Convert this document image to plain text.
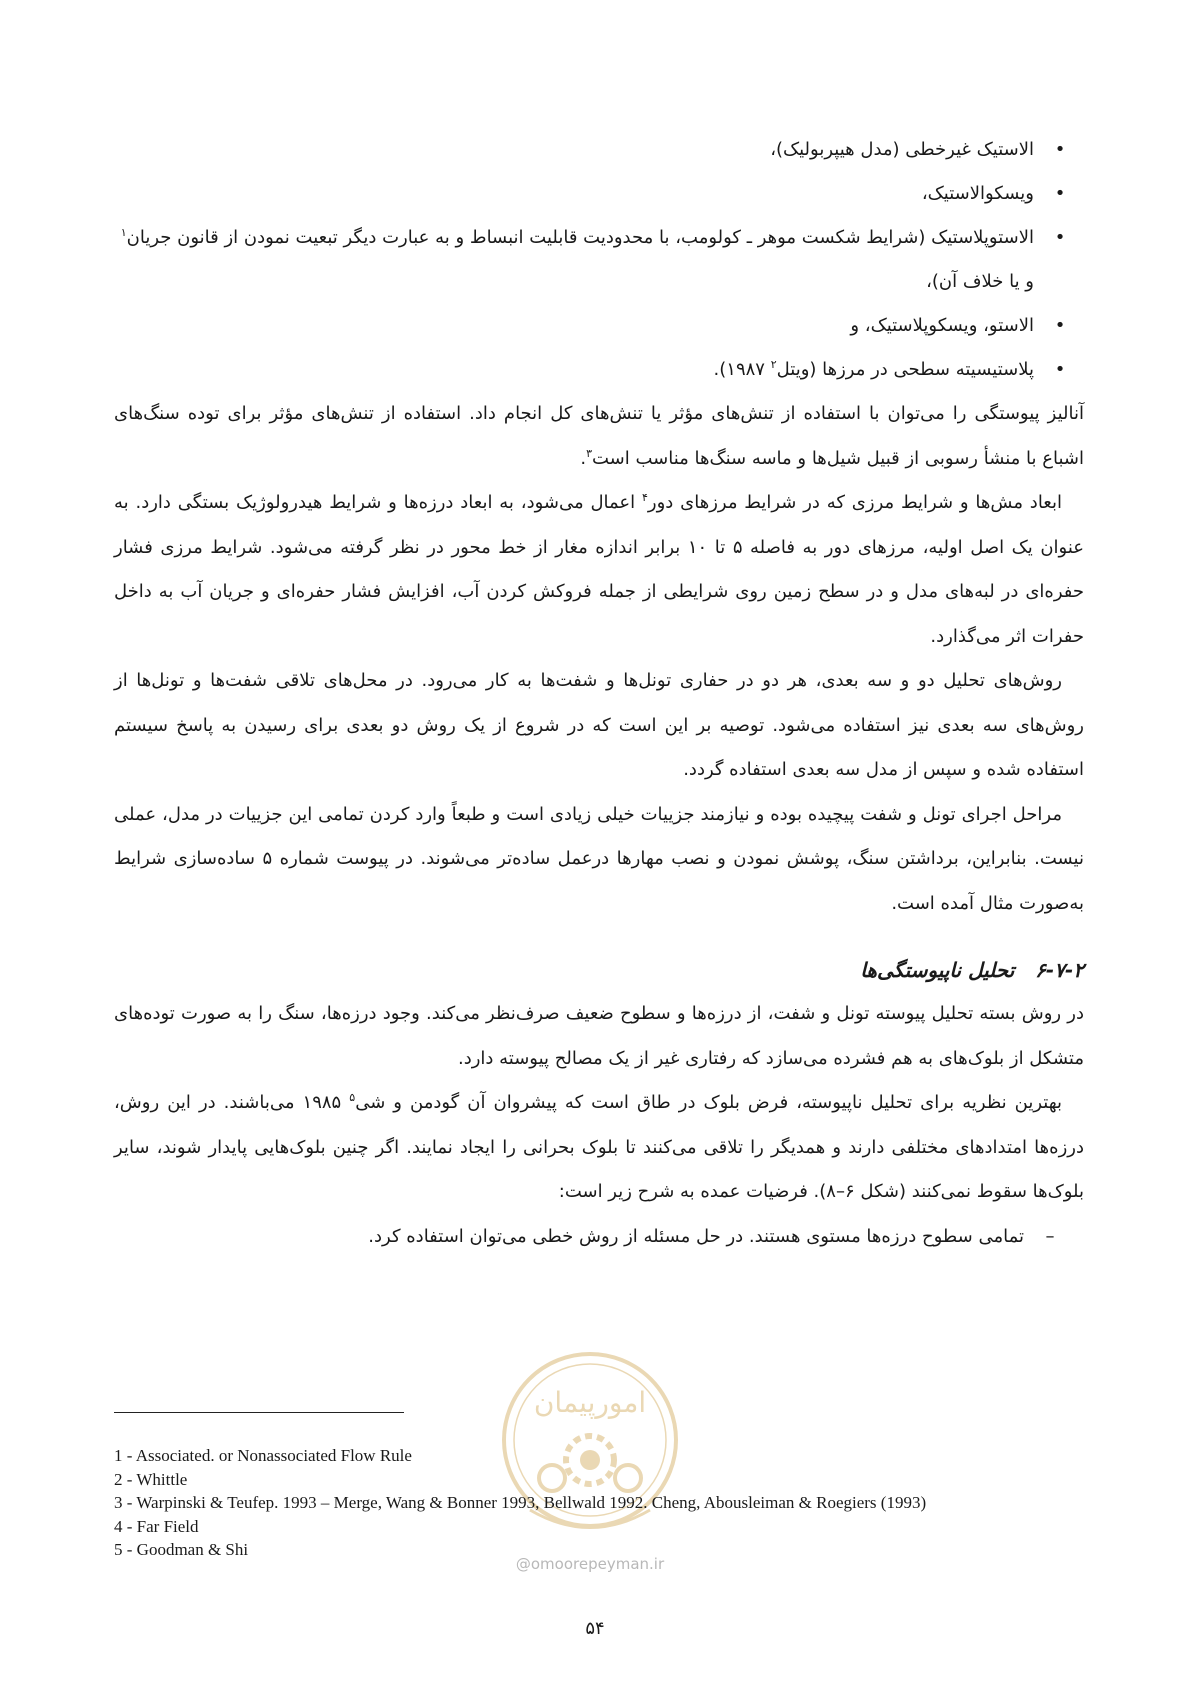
•
الاستیک غیرخطی (مدل هیپربولیک)،

•
ویسکوالاستیک،

•
الاستوپلاستیک (شرایط شکست موهر ـ کولومب، با محدودیت قابلیت انبساط و به عبارت دیگر تبعیت نمودن از قانون جریان$^۱$ و یا خلاف آن)،

•
الاستو، ویسکوپلاستیک، و

•
پلاستیسیته سطحی در مرزها (ویتل$^۲$ ۱۹۸۷).

آنالیز پیوستگی را می‌توان با استفاده از تنش‌های مؤثر یا تنش‌های کل انجام داد. استفاده از تنش‌های مؤثر برای توده سنگ‌های اشباع با منشأ رسوبی از قبیل شیل‌ها و ماسه سنگ‌ها مناسب است$^۳$.

ابعاد مش‌ها و شرایط مرزی که در شرایط مرزهای دور$^۴$ اعمال می‌شود، به ابعاد درزه‌ها و شرایط هیدرولوژیک بستگی دارد. به عنوان یک اصل اولیه، مرزهای دور به فاصله ۵ تا ۱۰ برابر اندازه مغار از خط محور در نظر گرفته می‌شود. شرایط مرزی فشار حفره‌ای در لبه‌های مدل و در سطح زمین روی شرایطی از جمله فروکش کردن آب، افزایش فشار حفره‌ای و جریان آب به داخل حفرات اثر می‌گذارد.

روش‌های تحلیل دو و سه بعدی، هر دو در حفاری تونل‌ها و شفت‌ها به کار می‌رود. در محل‌های تلاقی شفت‌ها و تونل‌ها از روش‌های سه بعدی نیز استفاده می‌شود. توصیه بر این است که در شروع از یک روش دو بعدی برای رسیدن به پاسخ سیستم استفاده شده و سپس از مدل سه بعدی استفاده گردد.

مراحل اجرای تونل و شفت پیچیده بوده و نیازمند جزییات خیلی زیادی است و طبعاً وارد کردن تمامی این جزییات در مدل، عملی نیست. بنابراین، برداشتن سنگ، پوشش نمودن و نصب مهارها درعمل ساده‌تر می‌شوند. در پیوست شماره ۵ ساده‌سازی شرایط به‌صورت مثال آمده است.

۶-۷-۲   تحلیل ناپیوستگی‌ها

در روش بسته تحلیل پیوسته تونل و شفت، از درزه‌ها و سطوح ضعیف صرف‌نظر می‌کند. وجود درزه‌ها، سنگ را به صورت توده‌های متشکل از بلوک‌های به هم فشرده می‌سازد که رفتاری غیر از یک مصالح پیوسته دارد.

بهترین نظریه برای تحلیل ناپیوسته، فرض بلوک در طاق است که پیشروان آن گودمن و شی$^۵$ ۱۹۸۵ می‌باشند. در این روش، درزه‌ها امتدادهای مختلفی دارند و همدیگر را تلاقی می‌کنند تا بلوک بحرانی را ایجاد نمایند. اگر چنین بلوک‌هایی پایدار شوند، سایر بلوک‌ها سقوط نمی‌کنند (شکل ۶–۸). فرضیات عمده به شرح زیر است:

–
تمامی سطوح درزه‌ها مستوی هستند. در حل مسئله از روش خطی می‌توان استفاده کرد.

امورپیمان
@omoorepeyman.ir
1 - Associated. or Nonassociated Flow Rule
2 - Whittle
3 - Warpinski & Teufep. 1993 – Merge, Wang & Bonner 1993, Bellwald 1992. Cheng, Abousleiman & Roegiers (1993)
4 - Far Field
5 - Goodman & Shi
۵۴
